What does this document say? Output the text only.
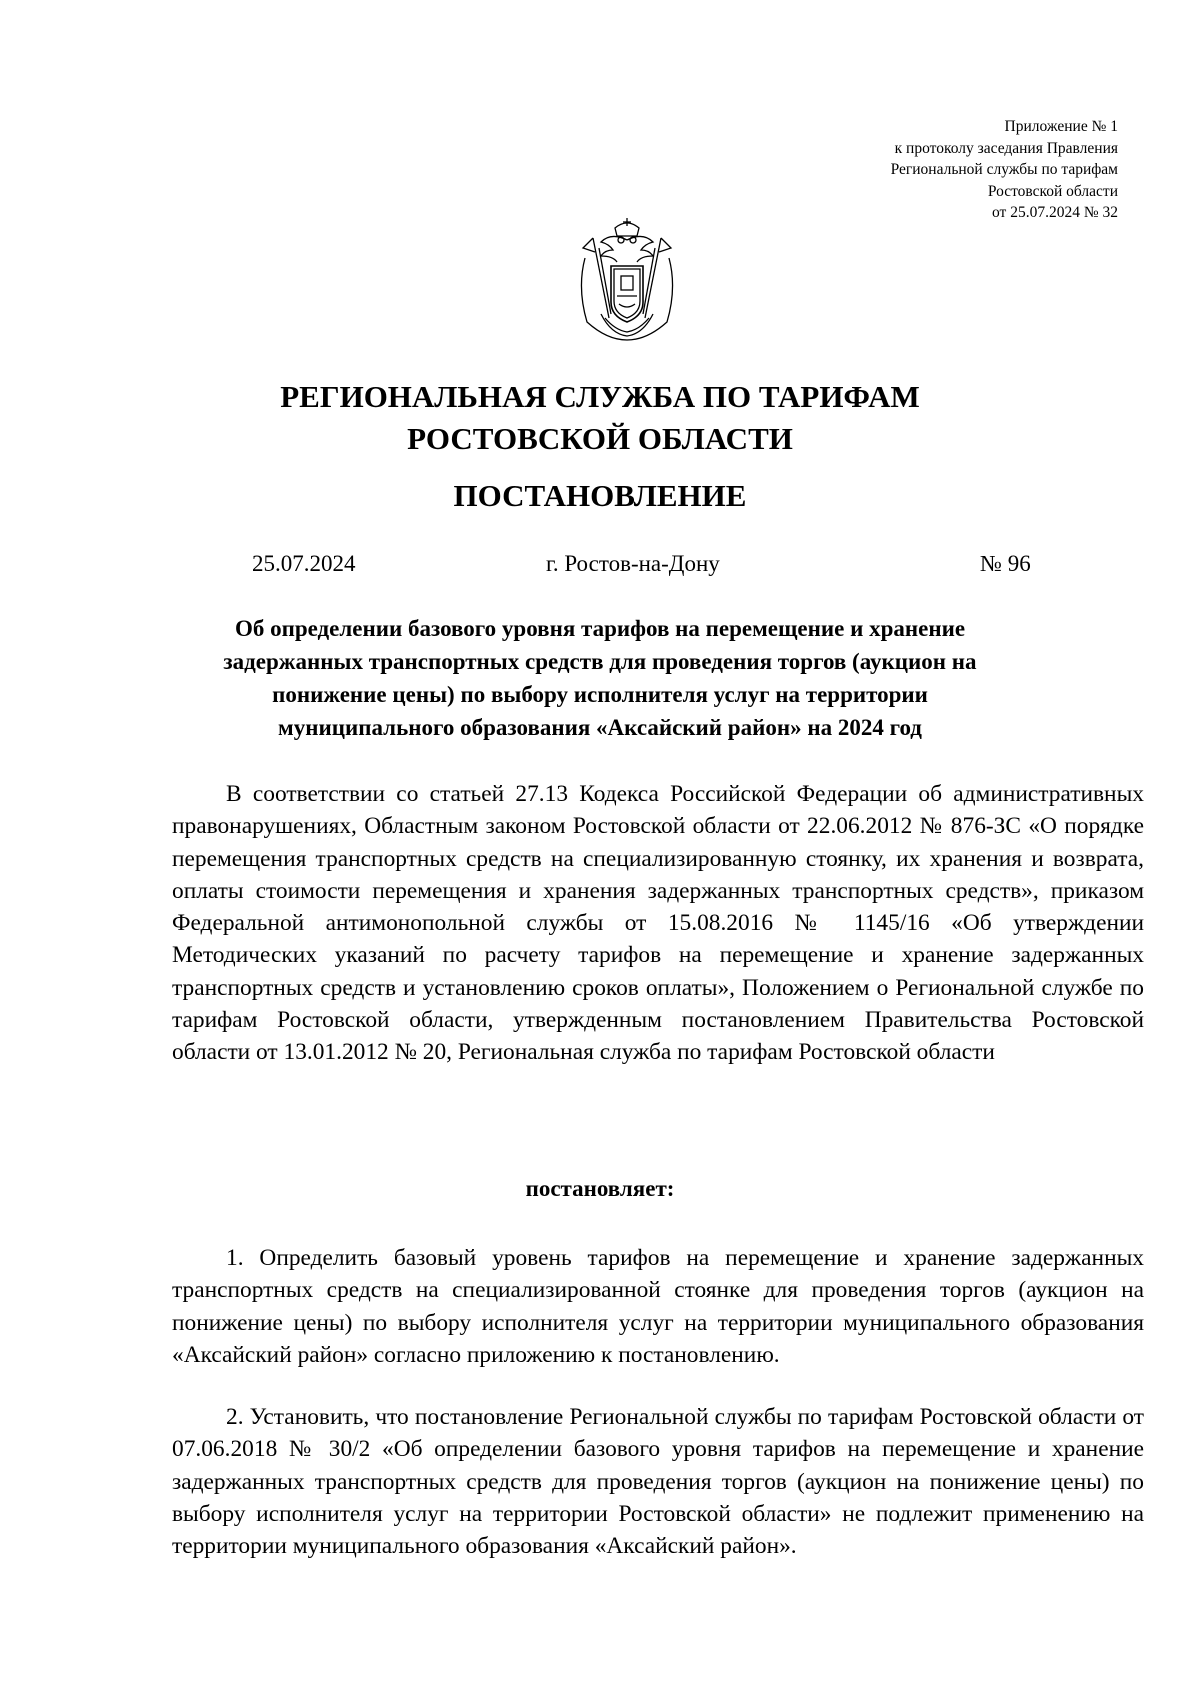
Приложение № 1
к протоколу заседания Правления
Региональной службы по тарифам
Ростовской области
от 25.07.2024 № 32
РЕГИОНАЛЬНАЯ СЛУЖБА ПО ТАРИФАМ
РОСТОВСКОЙ ОБЛАСТИ
ПОСТАНОВЛЕНИЕ
25.07.2024	г. Ростов-на-Дону	№ 96
Об определении базового уровня тарифов на перемещение и хранение
задержанных транспортных средств для проведения торгов (аукцион на
понижение цены) по выбору исполнителя услуг на территории
муниципального образования «Аксайский район» на 2024 год
В соответствии со статьей 27.13 Кодекса Российской Федерации об административных правонарушениях, Областным законом Ростовской области от 22.06.2012 № 876-ЗС «О порядке перемещения транспортных средств на специализированную стоянку, их хранения и возврата, оплаты стоимости перемещения и хранения задержанных транспортных средств», приказом Федеральной антимонопольной службы от 15.08.2016 № 1145/16 «Об утверждении Методических указаний по расчету тарифов на перемещение и хранение задержанных транспортных средств и установлению сроков оплаты», Положением о Региональной службе по тарифам Ростовской области, утвержденным постановлением Правительства Ростовской области от 13.01.2012 № 20, Региональная служба по тарифам Ростовской области
постановляет:
1. Определить базовый уровень тарифов на перемещение и хранение задержанных транспортных средств на специализированной стоянке для проведения торгов (аукцион на понижение цены) по выбору исполнителя услуг на территории муниципального образования «Аксайский район» согласно приложению к постановлению.
2. Установить, что постановление Региональной службы по тарифам Ростовской области от 07.06.2018 № 30/2 «Об определении базового уровня тарифов на перемещение и хранение задержанных транспортных средств для проведения торгов (аукцион на понижение цены) по выбору исполнителя услуг на территории Ростовской области» не подлежит применению на территории муниципального образования «Аксайский район».
